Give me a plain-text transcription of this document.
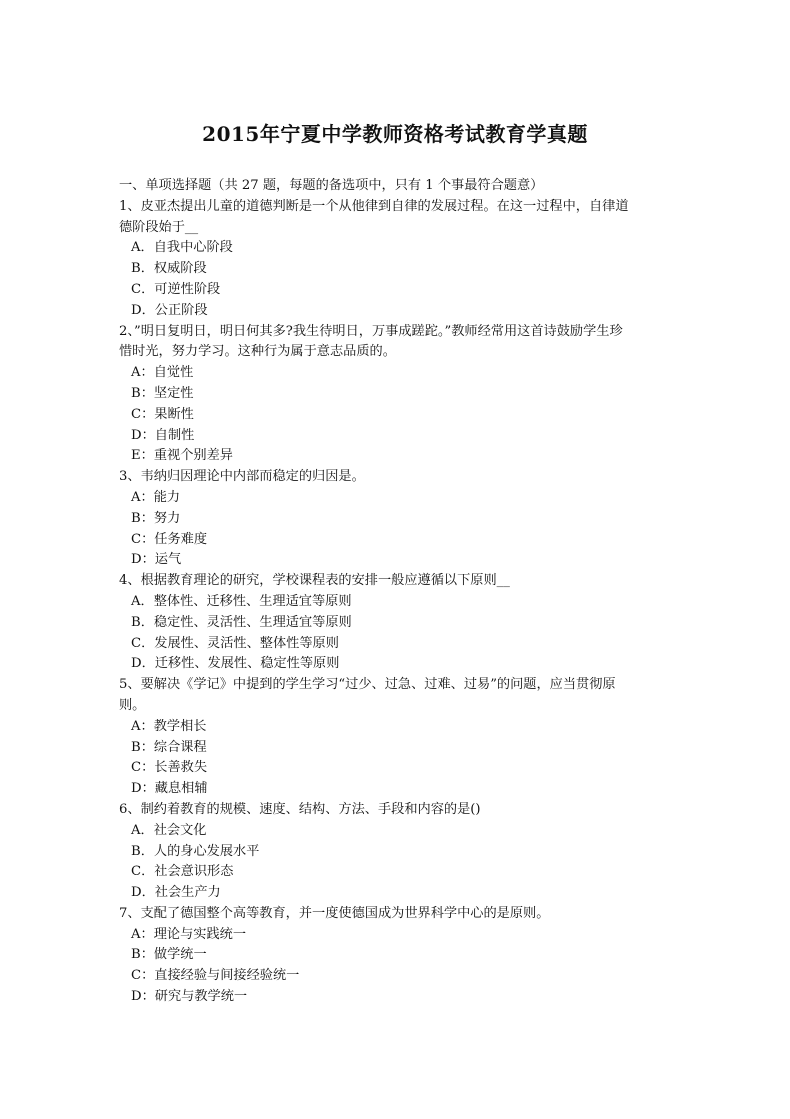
2015年宁夏中学教师资格考试教育学真题
一、单项选择题（共 27 题，每题的备选项中，只有 1 个事最符合题意）
1、皮亚杰提出儿童的道德判断是一个从他律到自律的发展过程。在这一过程中，自律道
德阶段始于__
A．自我中心阶段
B．权威阶段
C．可逆性阶段
D．公正阶段
2、”明日复明日，明日何其多?我生待明日，万事成蹉跎。”教师经常用这首诗鼓励学生珍
惜时光，努力学习。这种行为属于意志品质的。
A：自觉性
B：坚定性
C：果断性
D：自制性
E：重视个别差异
3、韦纳归因理论中内部而稳定的归因是。
A：能力
B：努力
C：任务难度
D：运气
4、根据教育理论的研究，学校课程表的安排一般应遵循以下原则__
A．整体性、迁移性、生理适宜等原则
B．稳定性、灵活性、生理适宜等原则
C．发展性、灵活性、整体性等原则
D．迁移性、发展性、稳定性等原则
5、要解决《学记》中提到的学生学习“过少、过急、过难、过易”的问题，应当贯彻原
则。
A：教学相长
B：综合课程
C：长善救失
D：藏息相辅
6、制约着教育的规模、速度、结构、方法、手段和内容的是()
A．社会文化
B．人的身心发展水平
C．社会意识形态
D．社会生产力
7、支配了德国整个高等教育，并一度使德国成为世界科学中心的是原则。
A：理论与实践统一
B：做学统一
C：直接经验与间接经验统一
D：研究与教学统一
